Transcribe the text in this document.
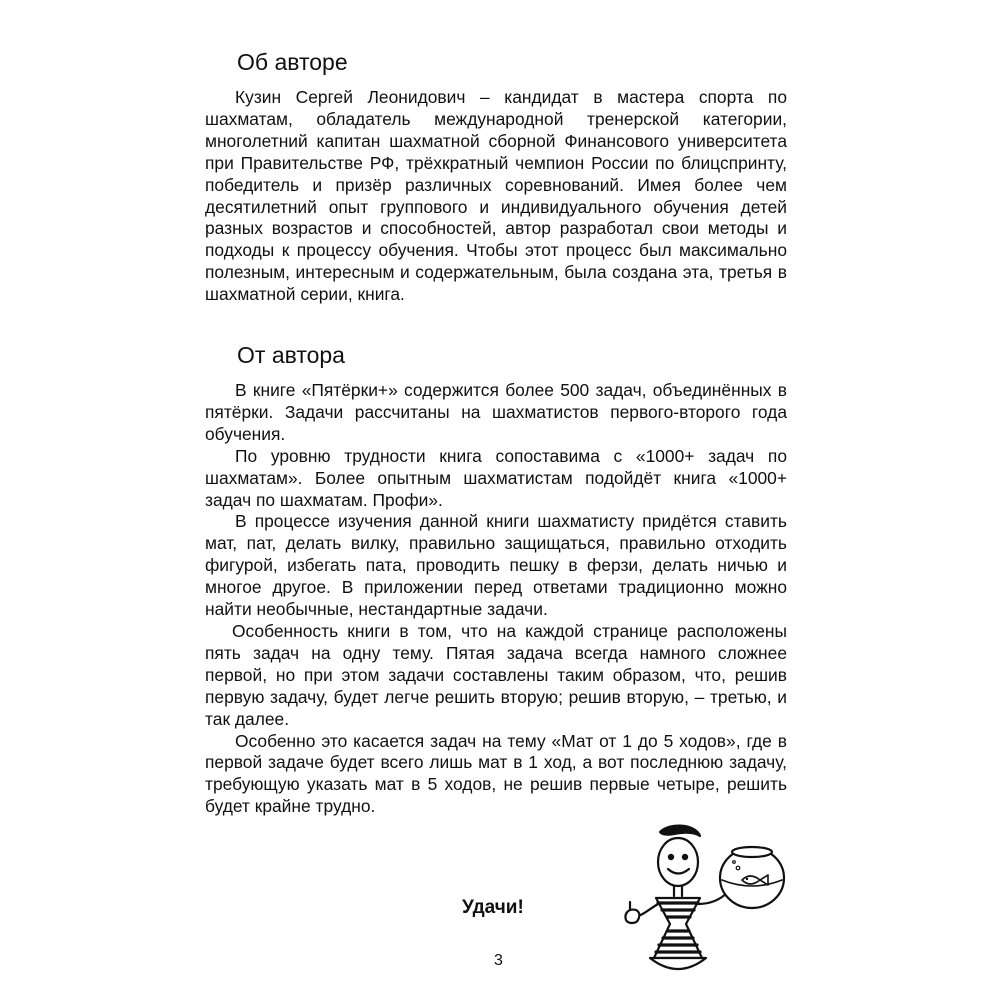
Об авторе

Кузин Сергей Леонидович – кандидат в мастера спорта по шахматам, обладатель международной тренерской категории, многолетний капитан шахматной сборной Финансового университета при Правительстве РФ, трёхкратный чемпион России по блицспринту, победитель и призёр различных соревнований. Имея более чем десятилетний опыт группового и индивидуального обучения детей разных возрастов и способностей, автор разработал свои методы и подходы к процессу обучения. Чтобы этот процесс был максимально полезным, интересным и содержательным, была создана эта, третья в шахматной серии, книга.

От автора

В книге «Пятёрки+» содержится более 500 задач, объединённых в пятёрки. Задачи рассчитаны на шахматистов первого-второго года обучения.

По уровню трудности книга сопоставима с «1000+ задач по шахматам». Более опытным шахматистам подойдёт книга «1000+ задач по шахматам. Профи».

В процессе изучения данной книги шахматисту придётся ставить мат, пат, делать вилку, правильно защищаться, правильно отходить фигурой, избегать пата, проводить пешку в ферзи, делать ничью и многое другое. В приложении перед ответами традиционно можно найти необычные, нестандартные задачи.

Особенность книги в том, что на каждой странице расположены пять задач на одну тему. Пятая задача всегда намного сложнее первой, но при этом задачи составлены таким образом, что, решив первую задачу, будет легче решить вторую; решив вторую, – третью, и так далее.

Особенно это касается задач на тему «Мат от 1 до 5 ходов», где в первой задаче будет всего лишь мат в 1 ход, а вот последнюю задачу, требующую указать мат в 5 ходов, не решив первые четыре, решить будет крайне трудно.

Удачи!
3
